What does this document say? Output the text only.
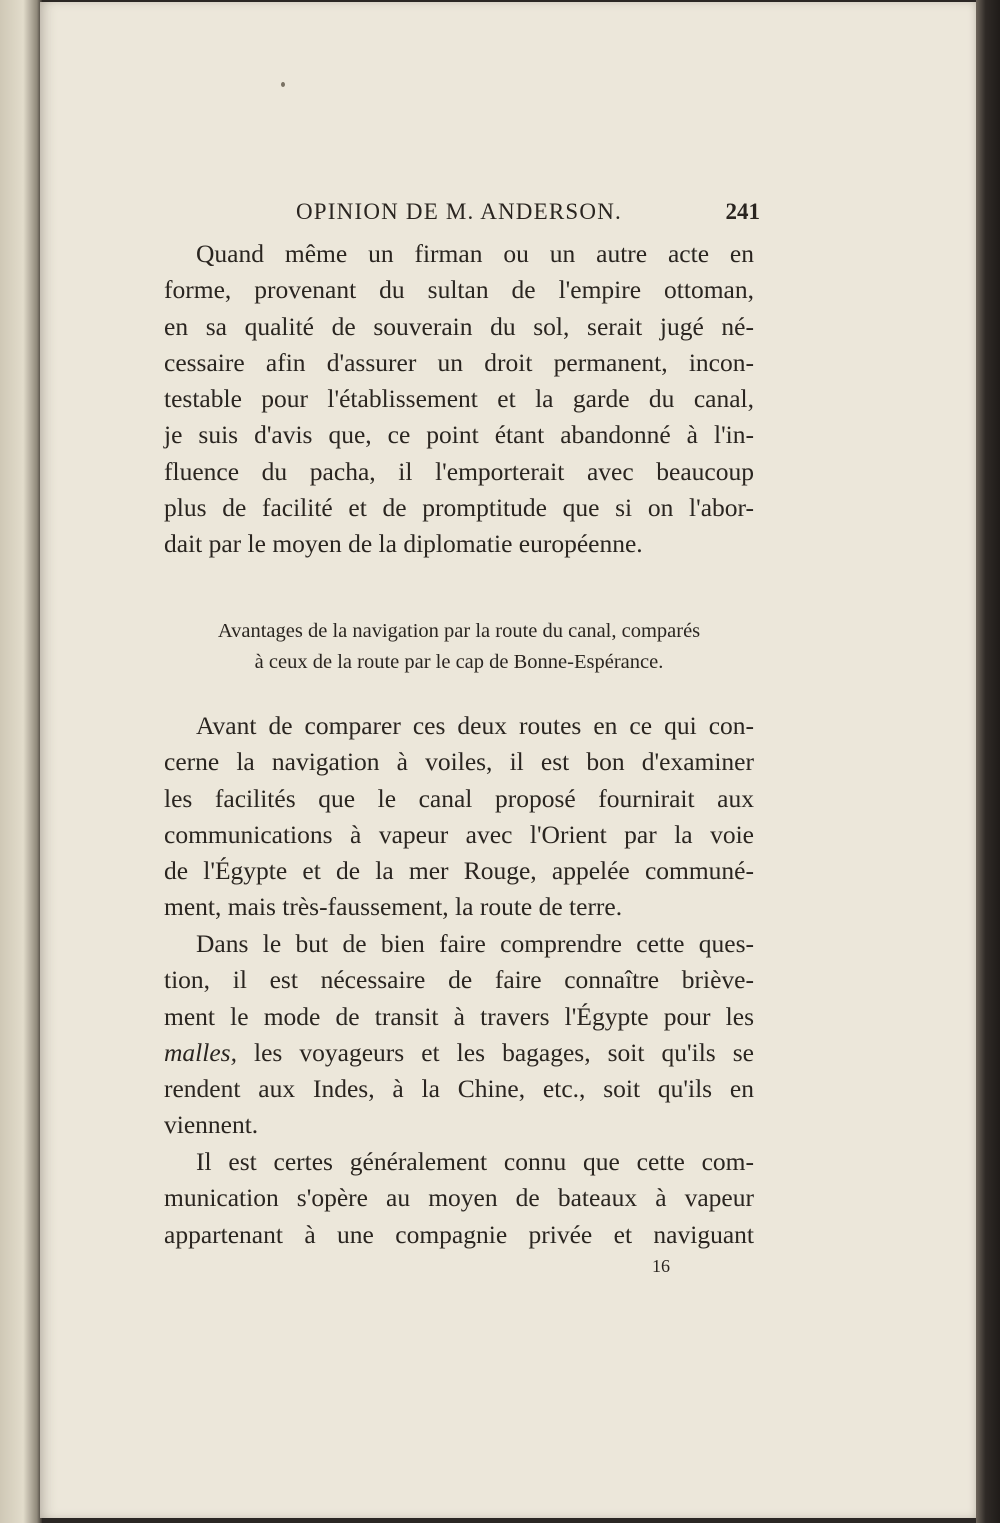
OPINION DE M. ANDERSON.	241
Quand même un firman ou un autre acte en
forme, provenant du sultan de l'empire ottoman,
en sa qualité de souverain du sol, serait jugé né-
cessaire afin d'assurer un droit permanent, incon-
testable pour l'établissement et la garde du canal,
je suis d'avis que, ce point étant abandonné à l'in-
fluence du pacha, il l'emporterait avec beaucoup
plus de facilité et de promptitude que si on l'abor-
dait par le moyen de la diplomatie européenne.
Avantages de la navigation par la route du canal, comparés
à ceux de la route par le cap de Bonne-Espérance.
Avant de comparer ces deux routes en ce qui con-
cerne la navigation à voiles, il est bon d'examiner
les facilités que le canal proposé fournirait aux
communications à vapeur avec l'Orient par la voie
de l'Égypte et de la mer Rouge, appelée communé-
ment, mais très-faussement, la route de terre.
Dans le but de bien faire comprendre cette ques-
tion, il est nécessaire de faire connaître briève-
ment le mode de transit à travers l'Égypte pour les
malles, les voyageurs et les bagages, soit qu'ils se
rendent aux Indes, à la Chine, etc., soit qu'ils en
viennent.
Il est certes généralement connu que cette com-
munication s'opère au moyen de bateaux à vapeur
appartenant à une compagnie privée et naviguant
16
